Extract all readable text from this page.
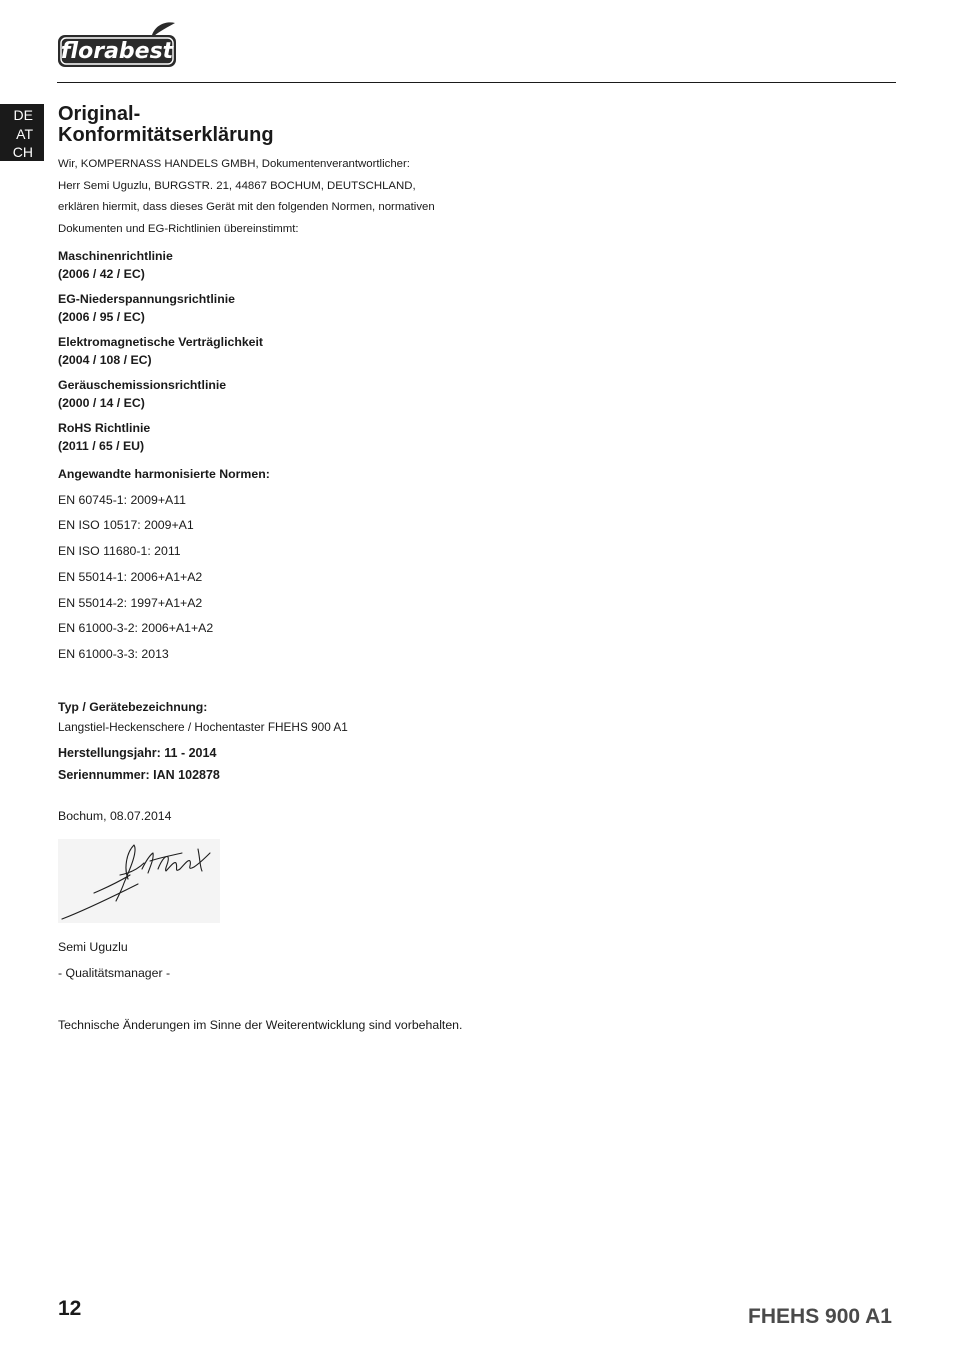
florabest
DE
AT
CH
Original-
Konformitätserklärung
Wir, KOMPERNASS HANDELS GMBH, Dokumentenverantwortlicher:
Herr Semi Uguzlu, BURGSTR. 21, 44867 BOCHUM, DEUTSCHLAND,
erklären hiermit, dass dieses Gerät mit den folgenden Normen, normativen
Dokumenten und EG-Richtlinien übereinstimmt:
Maschinenrichtlinie
(2006 / 42 / EC)
EG-Niederspannungsrichtlinie
(2006 / 95 / EC)
Elektromagnetische Verträglichkeit
(2004 / 108 / EC)
Geräuschemissionsrichtlinie
(2000 / 14 / EC)
RoHS Richtlinie
(2011 / 65 / EU)
Angewandte harmonisierte Normen:
EN 60745-1: 2009+A11
EN ISO 10517: 2009+A1
EN ISO 11680-1: 2011
EN 55014-1: 2006+A1+A2
EN 55014-2: 1997+A1+A2
EN 61000-3-2: 2006+A1+A2
EN 61000-3-3: 2013
Typ / Gerätebezeichnung:
Langstiel-Heckenschere / Hochentaster FHEHS 900 A1
Herstellungsjahr: 11 - 2014
Seriennummer: IAN 102878
Bochum, 08.07.2014
Semi Uguzlu
- Qualitätsmanager -
Technische Änderungen im Sinne der Weiterentwicklung sind vorbehalten.
12	FHEHS 900 A1
